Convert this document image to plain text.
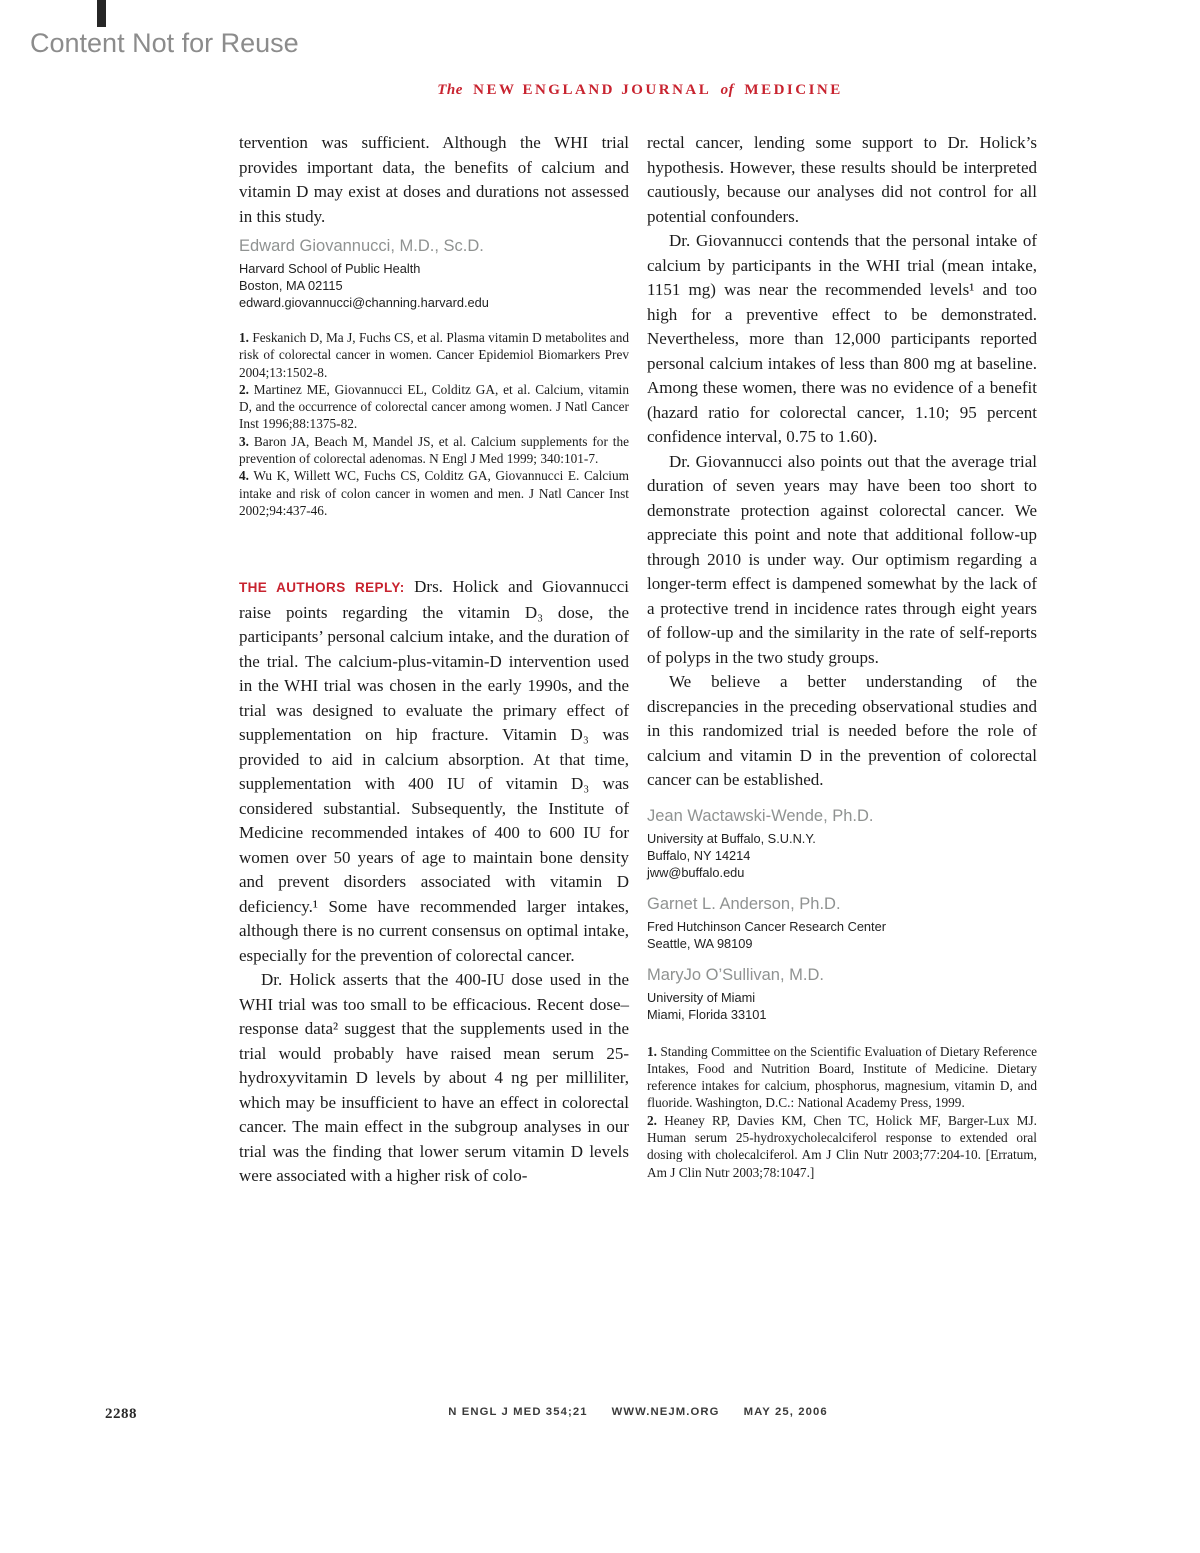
Content Not for Reuse
The NEW ENGLAND JOURNAL of MEDICINE

tervention was sufficient. Although the WHI trial provides important data, the benefits of calcium and vitamin D may exist at doses and durations not assessed in this study.

Edward Giovannucci, M.D., Sc.D.
Harvard School of Public Health
Boston, MA 02115
edward.giovannucci@channing.harvard.edu

1. Feskanich D, Ma J, Fuchs CS, et al. Plasma vitamin D metabolites and risk of colorectal cancer in women. Cancer Epidemiol Biomarkers Prev 2004;13:1502-8.

2. Martinez ME, Giovannucci EL, Colditz GA, et al. Calcium, vitamin D, and the occurrence of colorectal cancer among women. J Natl Cancer Inst 1996;88:1375-82.

3. Baron JA, Beach M, Mandel JS, et al. Calcium supplements for the prevention of colorectal adenomas. N Engl J Med 1999; 340:101-7.

4. Wu K, Willett WC, Fuchs CS, Colditz GA, Giovannucci E. Calcium intake and risk of colon cancer in women and men. J Natl Cancer Inst 2002;94:437-46.

THE AUTHORS REPLY: Drs. Holick and Giovannucci raise points regarding the vitamin D₃ dose, the participants’ personal calcium intake, and the duration of the trial. The calcium-plus-vitamin-D intervention used in the WHI trial was chosen in the early 1990s, and the trial was designed to evaluate the primary effect of supplementation on hip fracture. Vitamin D₃ was provided to aid in calcium absorption. At that time, supplementation with 400 IU of vitamin D₃ was considered substantial. Subsequently, the Institute of Medicine recommended intakes of 400 to 600 IU for women over 50 years of age to maintain bone density and prevent disorders associated with vitamin D deficiency.¹ Some have recommended larger intakes, although there is no current consensus on optimal intake, especially for the prevention of colorectal cancer.

Dr. Holick asserts that the 400-IU dose used in the WHI trial was too small to be efficacious. Recent dose–response data² suggest that the supplements used in the trial would probably have raised mean serum 25-hydroxyvitamin D levels by about 4 ng per milliliter, which may be insufficient to have an effect in colorectal cancer. The main effect in the subgroup analyses in our trial was the finding that lower serum vitamin D levels were associated with a higher risk of colo-

rectal cancer, lending some support to Dr. Holick’s hypothesis. However, these results should be interpreted cautiously, because our analyses did not control for all potential confounders.

Dr. Giovannucci contends that the personal intake of calcium by participants in the WHI trial (mean intake, 1151 mg) was near the recommended levels¹ and too high for a preventive effect to be demonstrated. Nevertheless, more than 12,000 participants reported personal calcium intakes of less than 800 mg at baseline. Among these women, there was no evidence of a benefit (hazard ratio for colorectal cancer, 1.10; 95 percent confidence interval, 0.75 to 1.60).

Dr. Giovannucci also points out that the average trial duration of seven years may have been too short to demonstrate protection against colorectal cancer. We appreciate this point and note that additional follow-up through 2010 is under way. Our optimism regarding a longer-term effect is dampened somewhat by the lack of a protective trend in incidence rates through eight years of follow-up and the similarity in the rate of self-reports of polyps in the two study groups.

We believe a better understanding of the discrepancies in the preceding observational studies and in this randomized trial is needed before the role of calcium and vitamin D in the prevention of colorectal cancer can be established.

Jean Wactawski-Wende, Ph.D.
University at Buffalo, S.U.N.Y.
Buffalo, NY 14214
jww@buffalo.edu
Garnet L. Anderson, Ph.D.
Fred Hutchinson Cancer Research Center
Seattle, WA 98109
MaryJo O’Sullivan, M.D.
University of Miami
Miami, Florida 33101

1. Standing Committee on the Scientific Evaluation of Dietary Reference Intakes, Food and Nutrition Board, Institute of Medicine. Dietary reference intakes for calcium, phosphorus, magnesium, vitamin D, and fluoride. Washington, D.C.: National Academy Press, 1999.

2. Heaney RP, Davies KM, Chen TC, Holick MF, Barger-Lux MJ. Human serum 25-hydroxycholecalciferol response to extended oral dosing with cholecalciferol. Am J Clin Nutr 2003;77:204-10. [Erratum, Am J Clin Nutr 2003;78:1047.]

2288	N ENGL J MED 354;21 WWW.NEJM.ORG MAY 25, 2006
